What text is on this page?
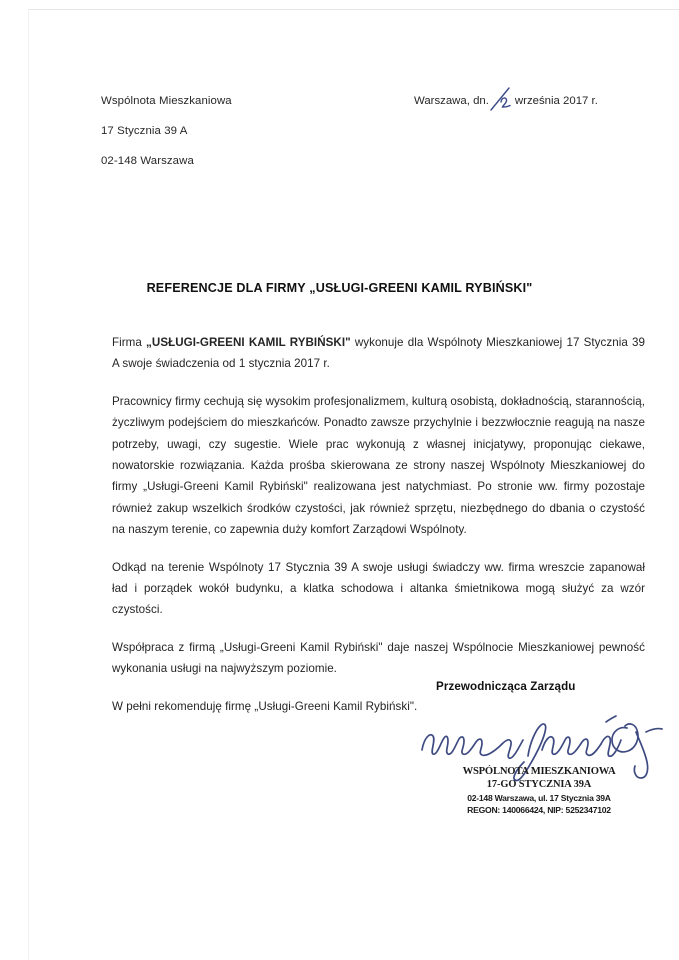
Wspólnota Mieszkaniowa
17 Stycznia 39 A
02-148 Warszawa
Warszawa, dn. września 2017 r.
REFERENCJE DLA FIRMY „USŁUGI-GREENI KAMIL RYBIŃSKI"

Firma „USŁUGI-GREENI KAMIL RYBIŃSKI" wykonuje dla Wspólnoty Mieszkaniowej 17 Stycznia 39 A swoje świadczenia od 1 stycznia 2017 r.

Pracownicy firmy cechują się wysokim profesjonalizmem, kulturą osobistą, dokładnością, starannością, życzliwym podejściem do mieszkańców. Ponadto zawsze przychylnie i bezzwłocznie reagują na nasze potrzeby, uwagi, czy sugestie. Wiele prac wykonują z własnej inicjatywy, proponując ciekawe, nowatorskie rozwiązania. Każda prośba skierowana ze strony naszej Wspólnoty Mieszkaniowej do firmy „Usługi-Greeni Kamil Rybiński" realizowana jest natychmiast. Po stronie ww. firmy pozostaje również zakup wszelkich środków czystości, jak również sprzętu, niezbędnego do dbania o czystość na naszym terenie, co zapewnia duży komfort Zarządowi Wspólnoty.

Odkąd na terenie Wspólnoty 17 Stycznia 39 A swoje usługi świadczy ww. firma wreszcie zapanował ład i porządek wokół budynku, a klatka schodowa i altanka śmietnikowa mogą służyć za wzór czystości.

Współpraca z firmą „Usługi-Greeni Kamil Rybiński" daje naszej Wspólnocie Mieszkaniowej pewność wykonania usługi na najwyższym poziomie.

W pełni rekomenduję firmę „Usługi-Greeni Kamil Rybiński".

Przewodnicząca Zarządu
WSPÓLNOTA MIESZKANIOWA
17-GO STYCZNIA 39A
02-148 Warszawa, ul. 17 Stycznia 39A
REGON: 140066424, NIP: 5252347102
